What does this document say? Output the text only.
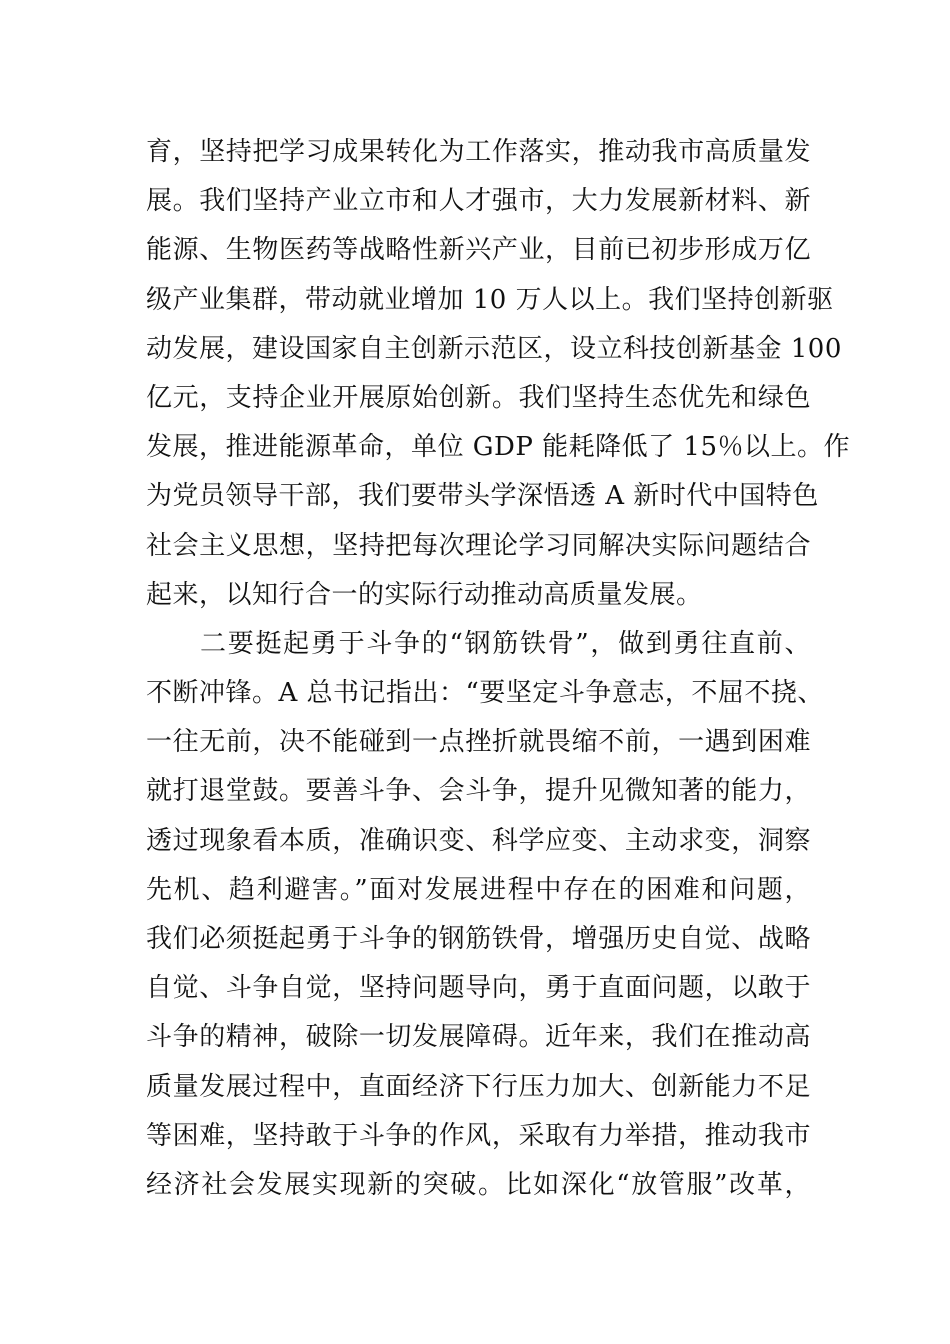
育，坚持把学习成果转化为工作落实，推动我市高质量发
展。我们坚持产业立市和人才强市，大力发展新材料、新
能源、生物医药等战略性新兴产业，目前已初步形成万亿
级产业集群，带动就业增加 10 万人以上。我们坚持创新驱
动发展，建设国家自主创新示范区，设立科技创新基金 100
亿元，支持企业开展原始创新。我们坚持生态优先和绿色
发展，推进能源革命，单位 GDP 能耗降低了 15％以上。作
为党员领导干部，我们要带头学深悟透 A 新时代中国特色
社会主义思想，坚持把每次理论学习同解决实际问题结合
起来，以知行合一的实际行动推动高质量发展。
二要挺起勇于斗争的“钢筋铁骨”，做到勇往直前、
不断冲锋。A 总书记指出：“要坚定斗争意志，不屈不挠、
一往无前，决不能碰到一点挫折就畏缩不前，一遇到困难
就打退堂鼓。要善斗争、会斗争，提升见微知著的能力，
透过现象看本质，准确识变、科学应变、主动求变，洞察
先机、趋利避害。”面对发展进程中存在的困难和问题，
我们必须挺起勇于斗争的钢筋铁骨，增强历史自觉、战略
自觉、斗争自觉，坚持问题导向，勇于直面问题，以敢于
斗争的精神，破除一切发展障碍。近年来，我们在推动高
质量发展过程中，直面经济下行压力加大、创新能力不足
等困难，坚持敢于斗争的作风，采取有力举措，推动我市
经济社会发展实现新的突破。比如深化“放管服”改革，
